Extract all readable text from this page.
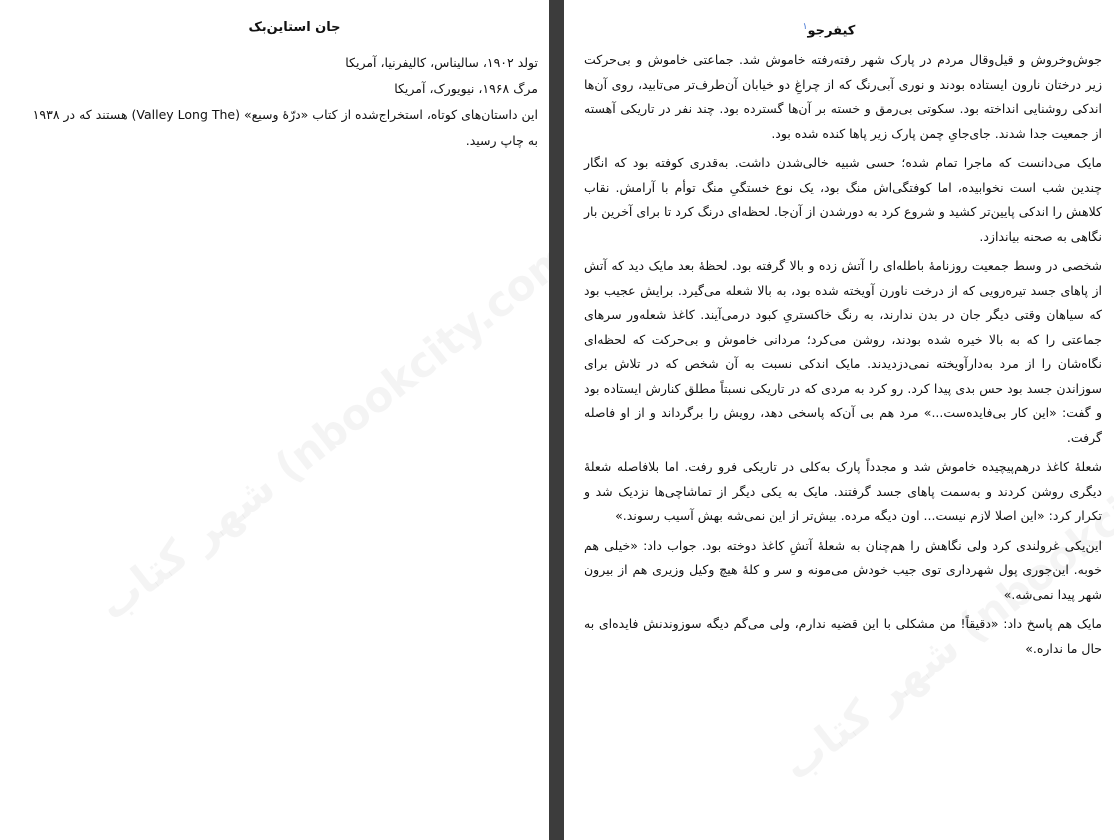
جان استاین‌بک

تولد ۱۹۰۲، سالیناس، کالیفرنیا، آمریکا

مرگ ۱۹۶۸، نیویورک، آمریکا

این داستان‌های کوتاه، استخراج‌شده از کتاب «درّهٔ وسیع» (Valley Long The) هستند که در ۱۹۳۸ به چاپ رسید.

کیفرجو$^۱$

جوش‌وخروش و قیل‌وقال مردم در پارک شهر رفته‌رفته خاموش شد. جماعتی خاموش و بی‌حرکت زیر درختان نارون ایستاده بودند و نوری آبی‌رنگ که از چراغِ دو خیابان آن‌طرف‌تر می‌تابید، روی آن‌ها اندکی روشنایی انداخته بود. سکوتی بی‌رمق و خسته بر آن‌ها گسترده بود. چند نفر در تاریکی آهسته از جمعیت جدا شدند. جای‌جایِ چمن پارک زیر پاها کنده شده بود.

مایک می‌دانست که ماجرا تمام شده؛ حسی شبیه خالی‌شدن داشت. به‌قدری کوفته بود که انگار چندین شب است نخوابیده، اما کوفتگی‌اش منگ بود، یک نوع خستگیِ منگ توأم با آرامش. نقاب کلاهش را اندکی پایین‌تر کشید و شروع کرد به دورشدن از آن‌جا. لحظه‌ای درنگ کرد تا برای آخرین بار نگاهی به صحنه بیاندازد.

شخصی در وسط جمعیت روزنامهٔ باطله‌ای را آتش زده و بالا گرفته بود. لحظهٔ بعد مایک دید که آتش از پاهای جسد تیره‌رویی که از درخت ناورن آویخته شده بود، به بالا شعله می‌گیرد. برایش عجیب بود که سیاهان وقتی دیگر جان در بدن ندارند، به رنگ خاکستریِ کبود درمی‌آیند. کاغذ شعله‌ور سرهای جماعتی را که به بالا خیره شده بودند، روشن می‌کرد؛ مردانی خاموش و بی‌حرکت که لحظه‌ای نگاه‌شان را از مرد به‌دارآویخته نمی‌دزدیدند. مایک اندکی نسبت به آن شخص که در تلاش برای سوزاندن جسد بود حس بدی پیدا کرد. رو کرد به مردی که در تاریکی نسبتاً مطلق کنارش ایستاده بود و گفت: «این کار بی‌فایده‌ست...» مرد هم بی آن‌که پاسخی دهد، رویش را برگرداند و از او فاصله گرفت.

شعلهٔ کاغذ درهم‌پیچیده خاموش شد و مجدداً پارک به‌کلی در تاریکی فرو رفت. اما بلافاصله شعلهٔ دیگری روشن کردند و به‌سمت پاهای جسد گرفتند. مایک به یکی دیگر از تماشاچی‌ها نزدیک شد و تکرار کرد: «این اصلا لازم نیست... اون دیگه مرده. بیش‌تر از این نمی‌شه بهش آسیب رسوند.»

این‌یکی غرولندی کرد ولی نگاهش را هم‌چنان به شعلهٔ آتشِ کاغذ دوخته بود. جواب داد: «خیلی هم خوبه. این‌جوری پول شهرداری توی جیب خودش می‌مونه و سر و کلهٔ هیچ وکیل وزیری هم از بیرون شهر پیدا نمی‌شه.»

مایک هم پاسخ داد: «دقیقاً! من مشکلی با این قضیه ندارم، ولی می‌گم دیگه سوزوندنش فایده‌ای به حال ما نداره.»
